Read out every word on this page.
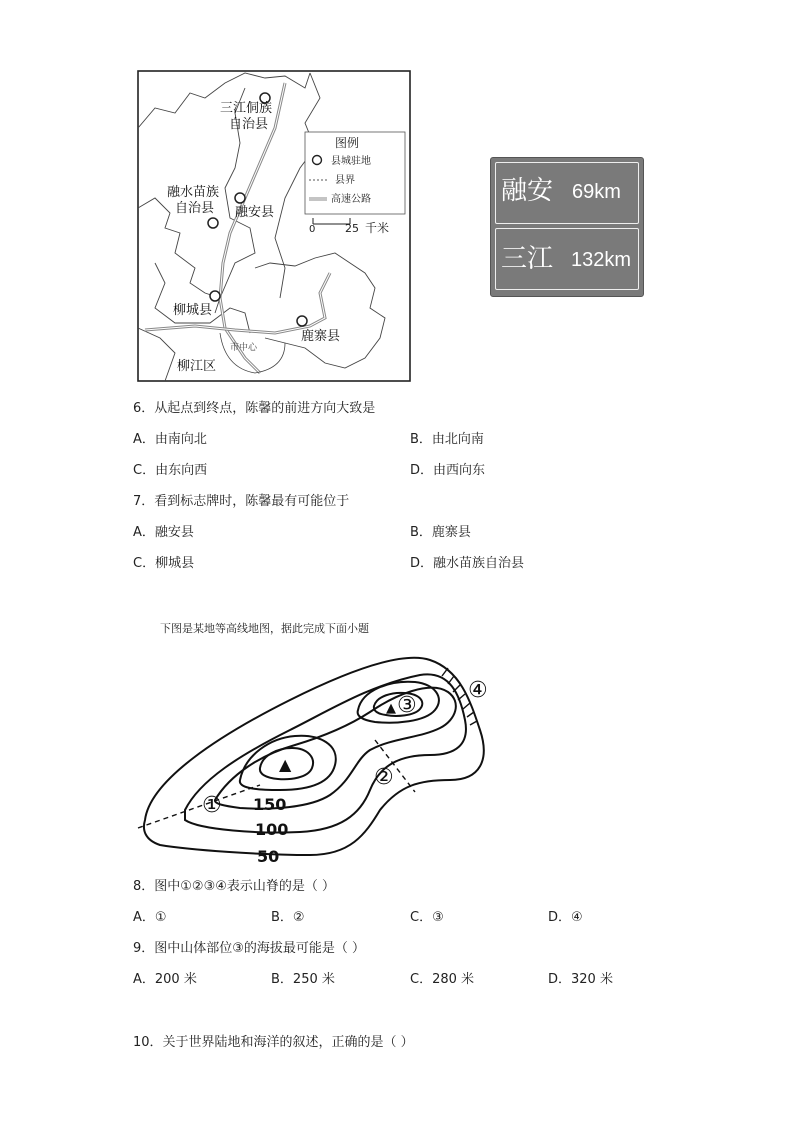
三江侗族
自治县
融水苗族
自治县 融安县
柳城县
鹿寨县
柳江区
市中心
图例
县城驻地
县界
高速公路
0	25 千米
融安 69km
三江 132km
6．从起点到终点，陈馨的前进方向大致是
A．由南向北	B．由北向南
C．由东向西	D．由西向东
7．看到标志牌时，陈馨最有可能位于
A．融安县	B．鹿寨县
C．柳城县	D．融水苗族自治县
下图是某地等高线地图，据此完成下面小题
▲
▲
①
②
③
④
150
100
50
8．图中①②③④表示山脊的是（ ）
A．①	B．②	C．③	D．④
9．图中山体部位③的海拔最可能是（ ）
A．200 米	B．250 米	C．280 米	D．320 米
10．关于世界陆地和海洋的叙述，正确的是（ ）
